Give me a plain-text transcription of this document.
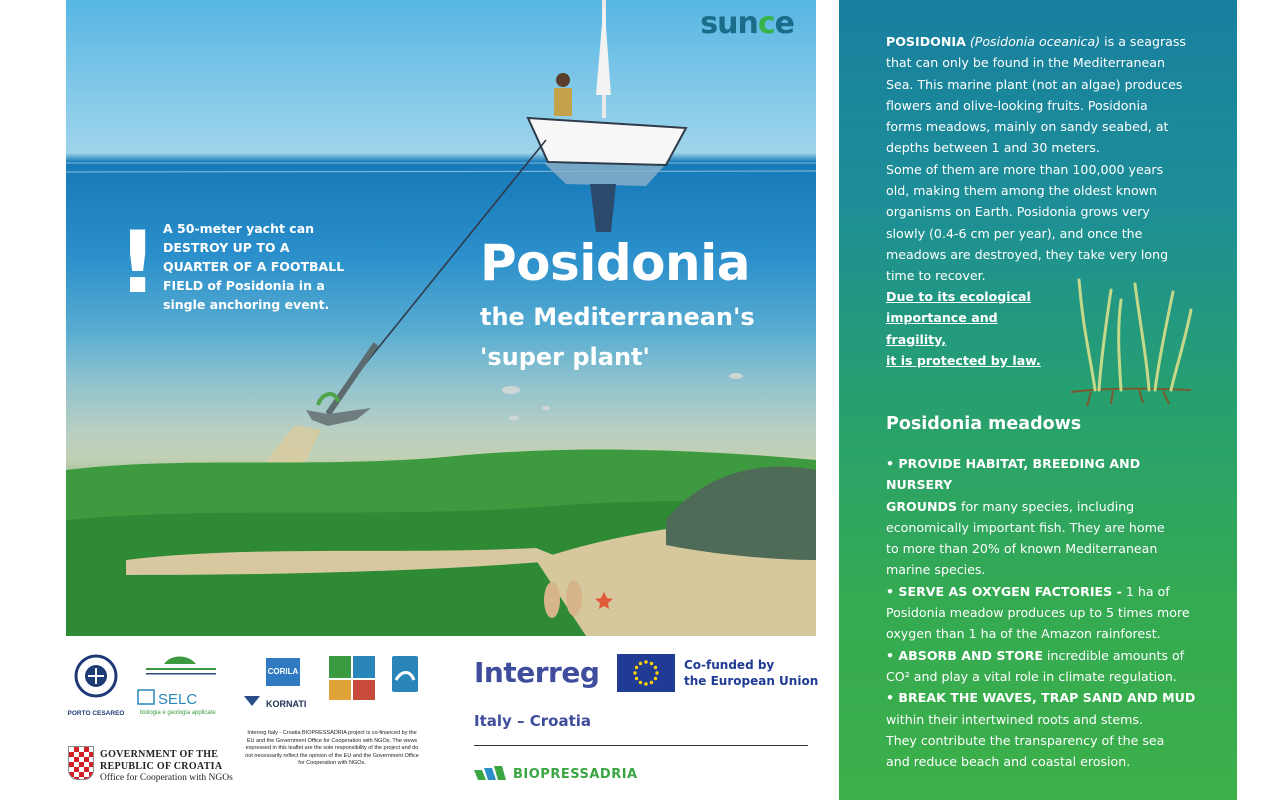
sunce
! A 50-meter yacht can
DESTROY UP TO A
QUARTER OF A FOOTBALL
FIELD of Posidonia in a
single anchoring event.
Posidonia
the Mediterranean's
'super plant'
PORTO CESAREO
SELC
biologia e geologia applicate
CORILA
KORNATI
GOVERNMENT OF THE
REPUBLIC OF CROATIA
Office for Cooperation with NGOs
Interreg Italy - Croatia BIOPRESSADRIA project is co-financed by the EU and the Government Office for Cooperation with NGOs. The views expressed in this leaflet are the sole responsibility of the project and do not necessarily reflect the opinion of the EU and the Government Office for Cooperation with NGOs.
Interreg	Co-funded by
the European Union
Italy – Croatia
BIOPRESSADRIA
POSIDONIA (Posidonia oceanica) is a seagrass
that can only be found in the Mediterranean
Sea. This marine plant (not an algae) produces
flowers and olive-looking fruits. Posidonia
forms meadows, mainly on sandy seabed, at
depths between 1 and 30 meters.
Some of them are more than 100,000 years
old, making them among the oldest known
organisms on Earth. Posidonia grows very
slowly (0.4-6 cm per year), and once the
meadows are destroyed, they take very long
time to recover.
Due to its ecological
importance and fragility,
it is protected by law.
Posidonia meadows
• PROVIDE HABITAT, BREEDING AND NURSERY
GROUNDS for many species, including
economically important fish. They are home
to more than 20% of known Mediterranean
marine species.
• SERVE AS OXYGEN FACTORIES - 1 ha of
Posidonia meadow produces up to 5 times more
oxygen than 1 ha of the Amazon rainforest.
• ABSORB AND STORE incredible amounts of
CO² and play a vital role in climate regulation.
• BREAK THE WAVES, TRAP SAND AND MUD
within their intertwined roots and stems.
They contribute the transparency of the sea
and reduce beach and coastal erosion.
